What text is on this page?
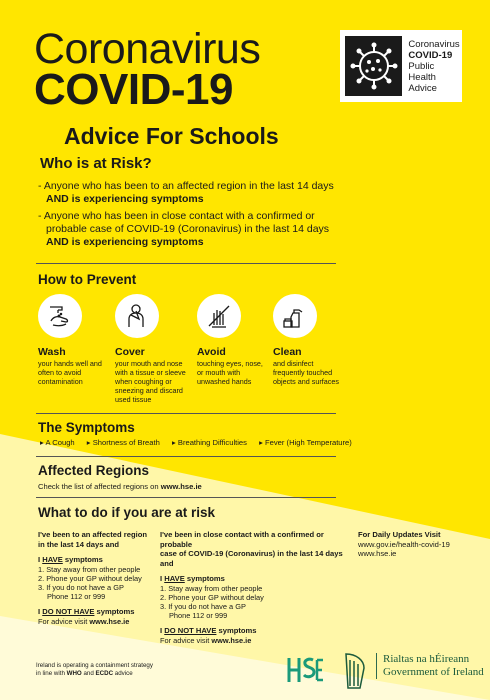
Coronavirus
COVID-19
Coronavirus
COVID-19
Public Health
Advice
Advice For Schools
Who is at Risk?
- Anyone who has been to an affected region in the last 14 days
AND is experiencing symptoms
- Anyone who has been in close contact with a confirmed or
probable case of COVID-19 (Coronavirus) in the last 14 days
AND is experiencing symptoms
How to Prevent
Wash
your hands well and
often to avoid
contamination
Cover
your mouth and nose
with a tissue or sleeve
when coughing or
sneezing and discard
used tissue
Avoid
touching eyes, nose,
or mouth with
unwashed hands
Clean
and disinfect
frequently touched
objects and surfaces
The Symptoms
▸ A Cough ▸ Shortness of Breath ▸ Breathing Difficulties ▸ Fever (High Temperature)
Affected Regions
Check the list of affected regions on www.hse.ie
What to do if you are at risk
I've been to an affected region
in the last 14 days and
I HAVE symptoms
1. Stay away from other people
2. Phone your GP without delay
3. If you do not have a GP
Phone 112 or 999
I DO NOT HAVE symptoms
For advice visit www.hse.ie
I've been in close contact with a confirmed or probable
case of COVID-19 (Coronavirus) in the last 14 days and
I HAVE symptoms
1. Stay away from other people
2. Phone your GP without delay
3. If you do not have a GP
Phone 112 or 999
I DO NOT HAVE symptoms
For advice visit www.hse.ie
For Daily Updates Visit
www.gov.ie/health-covid-19
www.hse.ie
Ireland is operating a containment strategy
in line with WHO and ECDC advice
Rialtas na hÉireann
Government of Ireland
